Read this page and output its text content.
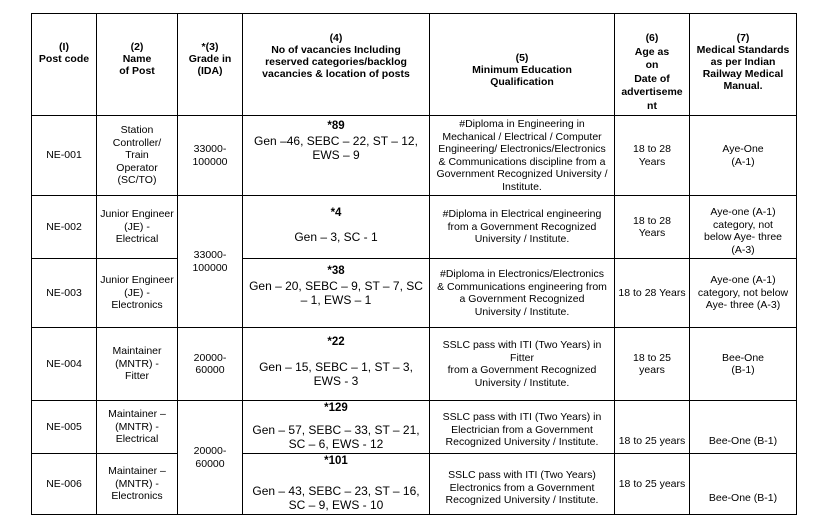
(I)
Post code
(2)
Name
of Post
*(3)
Grade in
(IDA)
(4)
No of vacancies Including
reserved categories/backlog
vacancies & location of posts
(5)
Minimum Education
Qualification
(6)
Age as
on
Date of
advertiseme
nt
(7)
Medical Standards
as per Indian
Railway Medical
Manual.
NE-001
Station
Controller/
Train
Operator
(SC/TO)
33000-
100000
*89
Gen –46, SEBC – 22, ST – 12,
EWS – 9
#Diploma in Engineering in
Mechanical / Electrical / Computer
Engineering/ Electronics/Electronics
& Communications discipline from a
Government Recognized University /
Institute.
18 to 28
Years
Aye-One
(A-1)
NE-002
Junior Engineer
(JE) -
Electrical
*4
Gen – 3, SC - 1
#Diploma in Electrical engineering
from a Government Recognized
University / Institute.
18 to 28
Years
Aye-one (A-1)
category, not
below Aye- three
(A-3)
33000-
100000
NE-003
Junior Engineer
(JE) -
Electronics
*38
Gen – 20, SEBC – 9, ST – 7, SC
– 1, EWS – 1
#Diploma in Electronics/Electronics
& Communications engineering from
a Government Recognized
University / Institute.
18 to 28 Years
Aye-one (A-1)
category, not below
Aye- three (A-3)
NE-004
Maintainer
(MNTR) -
Fitter
20000-
60000
*22
Gen – 15, SEBC – 1, ST – 3,
EWS - 3
SSLC pass with ITI (Two Years) in
Fitter
from a Government Recognized
University / Institute.
18 to 25
years
Bee-One
(B-1)
NE-005
Maintainer –
(MNTR) -
Electrical
*129
Gen – 57, SEBC – 33, ST – 21,
SC – 6, EWS - 12
SSLC pass with ITI (Two Years) in
Electrician from a Government
Recognized University / Institute.	18 to 25 years	Bee-One (B-1)
20000-
60000
NE-006
Maintainer –
(MNTR) -
Electronics
*101
Gen – 43, SEBC – 23, ST – 16,
SC – 9, EWS - 10
SSLC pass with ITI (Two Years)
Electronics from a Government
Recognized University / Institute.
18 to 25 years
Bee-One (B-1)
